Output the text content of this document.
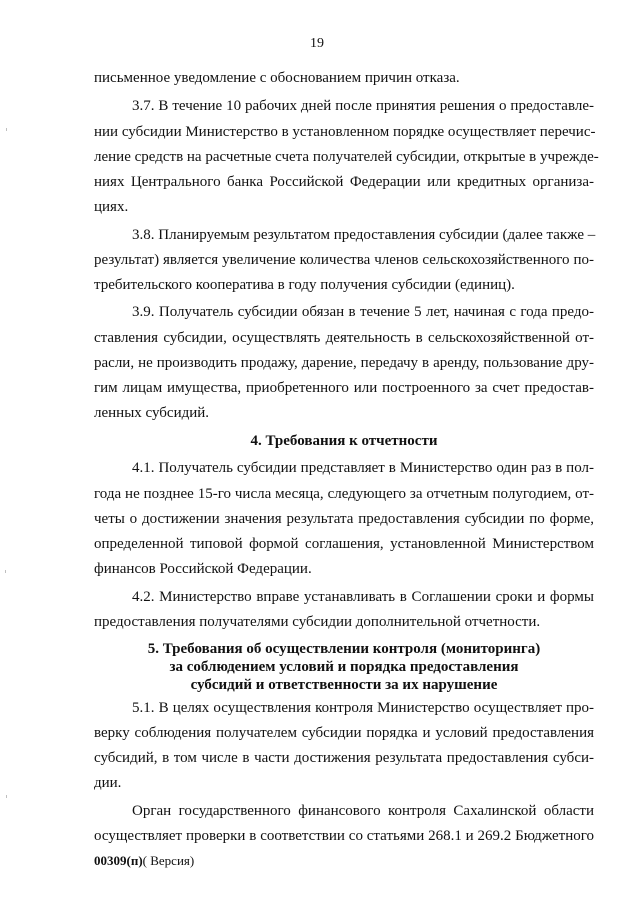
19
письменное уведомление с обоснованием причин отказа.
3.7. В течение 10 рабочих дней после принятия решения о предоставле-
нии субсидии Министерство в установленном порядке осуществляет перечис-
ление средств на расчетные счета получателей субсидии, открытые в учрежде-
ниях Центрального банка Российской Федерации или кредитных организа-
циях.
3.8. Планируемым результатом предоставления субсидии (далее также –
результат) является увеличение количества членов сельскохозяйственного по-
требительского кооператива в году получения субсидии (единиц).
3.9. Получатель субсидии обязан в течение 5 лет, начиная с года предо-
ставления субсидии, осуществлять деятельность в сельскохозяйственной от-
расли, не производить продажу, дарение, передачу в аренду, пользование дру-
гим лицам имущества, приобретенного или построенного за счет предостав-
ленных субсидий.
4. Требования к отчетности
4.1. Получатель субсидии представляет в Министерство один раз в пол-
года не позднее 15-го числа месяца, следующего за отчетным полугодием, от-
четы о достижении значения результата предоставления субсидии по форме,
определенной типовой формой соглашения, установленной Министерством
финансов Российской Федерации.
4.2. Министерство вправе устанавливать в Соглашении сроки и формы
предоставления получателями субсидии дополнительной отчетности.
5. Требования об осуществлении контроля (мониторинга)
за соблюдением условий и порядка предоставления
субсидий и ответственности за их нарушение
5.1. В целях осуществления контроля Министерство осуществляет про-
верку соблюдения получателем субсидии порядка и условий предоставления
субсидий, в том числе в части достижения результата предоставления субси-
дии.
Орган государственного финансового контроля Сахалинской области
осуществляет проверки в соответствии со статьями 268.1 и 269.2 Бюджетного
00309(п)( Версия)
